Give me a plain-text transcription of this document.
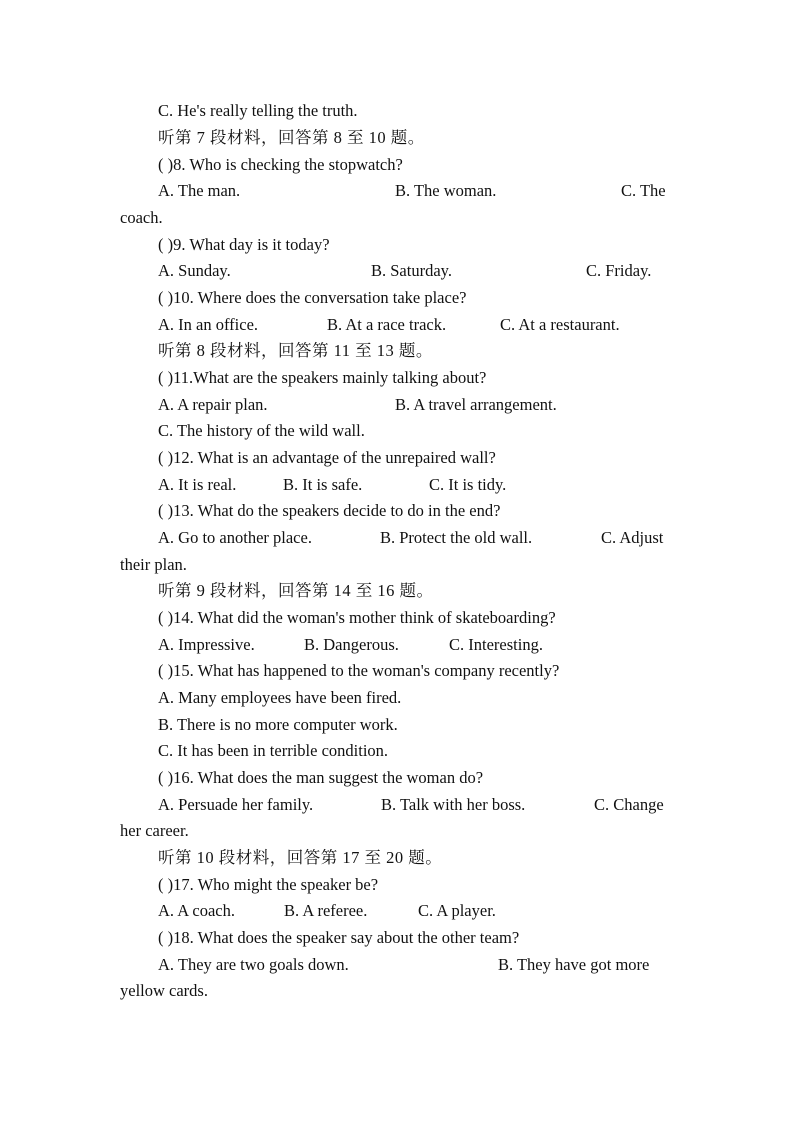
C. He's really telling the truth.
听第 7 段材料，回答第 8 至 10 题。
( )8. Who is checking the stopwatch?
A. The man.	B. The woman.	C. The
coach.
( )9. What day is it today?
A. Sunday.	B. Saturday.	C. Friday.
( )10. Where does the conversation take place?
A. In an office.	B. At a race track.	C. At a restaurant.
听第 8 段材料，回答第 11 至 13 题。
( )11.What are the speakers mainly talking about?
A. A repair plan.	B. A travel arrangement.
C. The history of the wild wall.
( )12. What is an advantage of the unrepaired wall?
A. It is real.	B. It is safe.	C. It is tidy.
( )13. What do the speakers decide to do in the end?
A. Go to another place.	B. Protect the old wall.	C. Adjust
their plan.
听第 9 段材料，回答第 14 至 16 题。
( )14. What did the woman's mother think of skateboarding?
A. Impressive.	B. Dangerous.	C. Interesting.
( )15. What has happened to the woman's company recently?
A. Many employees have been fired.
B. There is no more computer work.
C. It has been in terrible condition.
( )16. What does the man suggest the woman do?
A. Persuade her family.	B. Talk with her boss.	C. Change
her career.
听第 10 段材料，回答第 17 至 20 题。
( )17. Who might the speaker be?
A. A coach.	B. A referee.	C. A player.
( )18. What does the speaker say about the other team?
A. They are two goals down.	B. They have got more
yellow cards.
